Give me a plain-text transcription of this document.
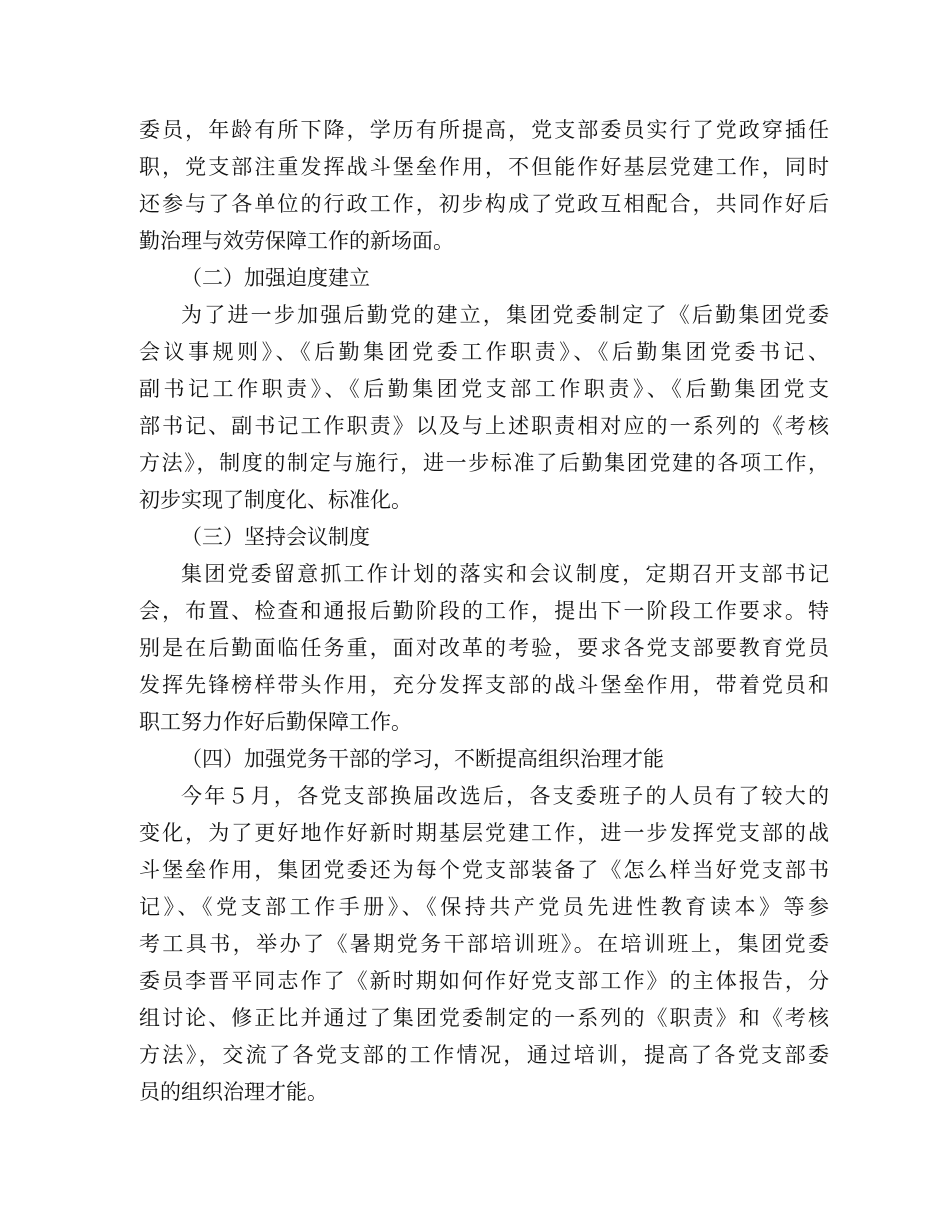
委员，年龄有所下降，学历有所提高，党支部委员实行了党政穿插任
职，党支部注重发挥战斗堡垒作用，不但能作好基层党建工作，同时
还参与了各单位的行政工作，初步构成了党政互相配合，共同作好后
勤治理与效劳保障工作的新场面。
（二）加强迫度建立
为了进一步加强后勤党的建立，集团党委制定了《后勤集团党委
会议事规则》、《后勤集团党委工作职责》、《后勤集团党委书记、
副书记工作职责》、《后勤集团党支部工作职责》、《后勤集团党支
部书记、副书记工作职责》以及与上述职责相对应的一系列的《考核
方法》，制度的制定与施行，进一步标准了后勤集团党建的各项工作，
初步实现了制度化、标准化。
（三）坚持会议制度
集团党委留意抓工作计划的落实和会议制度，定期召开支部书记
会，布置、检查和通报后勤阶段的工作，提出下一阶段工作要求。特
别是在后勤面临任务重，面对改革的考验，要求各党支部要教育党员
发挥先锋榜样带头作用，充分发挥支部的战斗堡垒作用，带着党员和
职工努力作好后勤保障工作。
（四）加强党务干部的学习，不断提高组织治理才能
今年５月，各党支部换届改选后，各支委班子的人员有了较大的
变化，为了更好地作好新时期基层党建工作，进一步发挥党支部的战
斗堡垒作用，集团党委还为每个党支部装备了《怎么样当好党支部书
记》、《党支部工作手册》、《保持共产党员先进性教育读本》等参
考工具书，举办了《暑期党务干部培训班》。在培训班上，集团党委
委员李晋平同志作了《新时期如何作好党支部工作》的主体报告，分
组讨论、修正比并通过了集团党委制定的一系列的《职责》和《考核
方法》，交流了各党支部的工作情况，通过培训，提高了各党支部委
员的组织治理才能。
